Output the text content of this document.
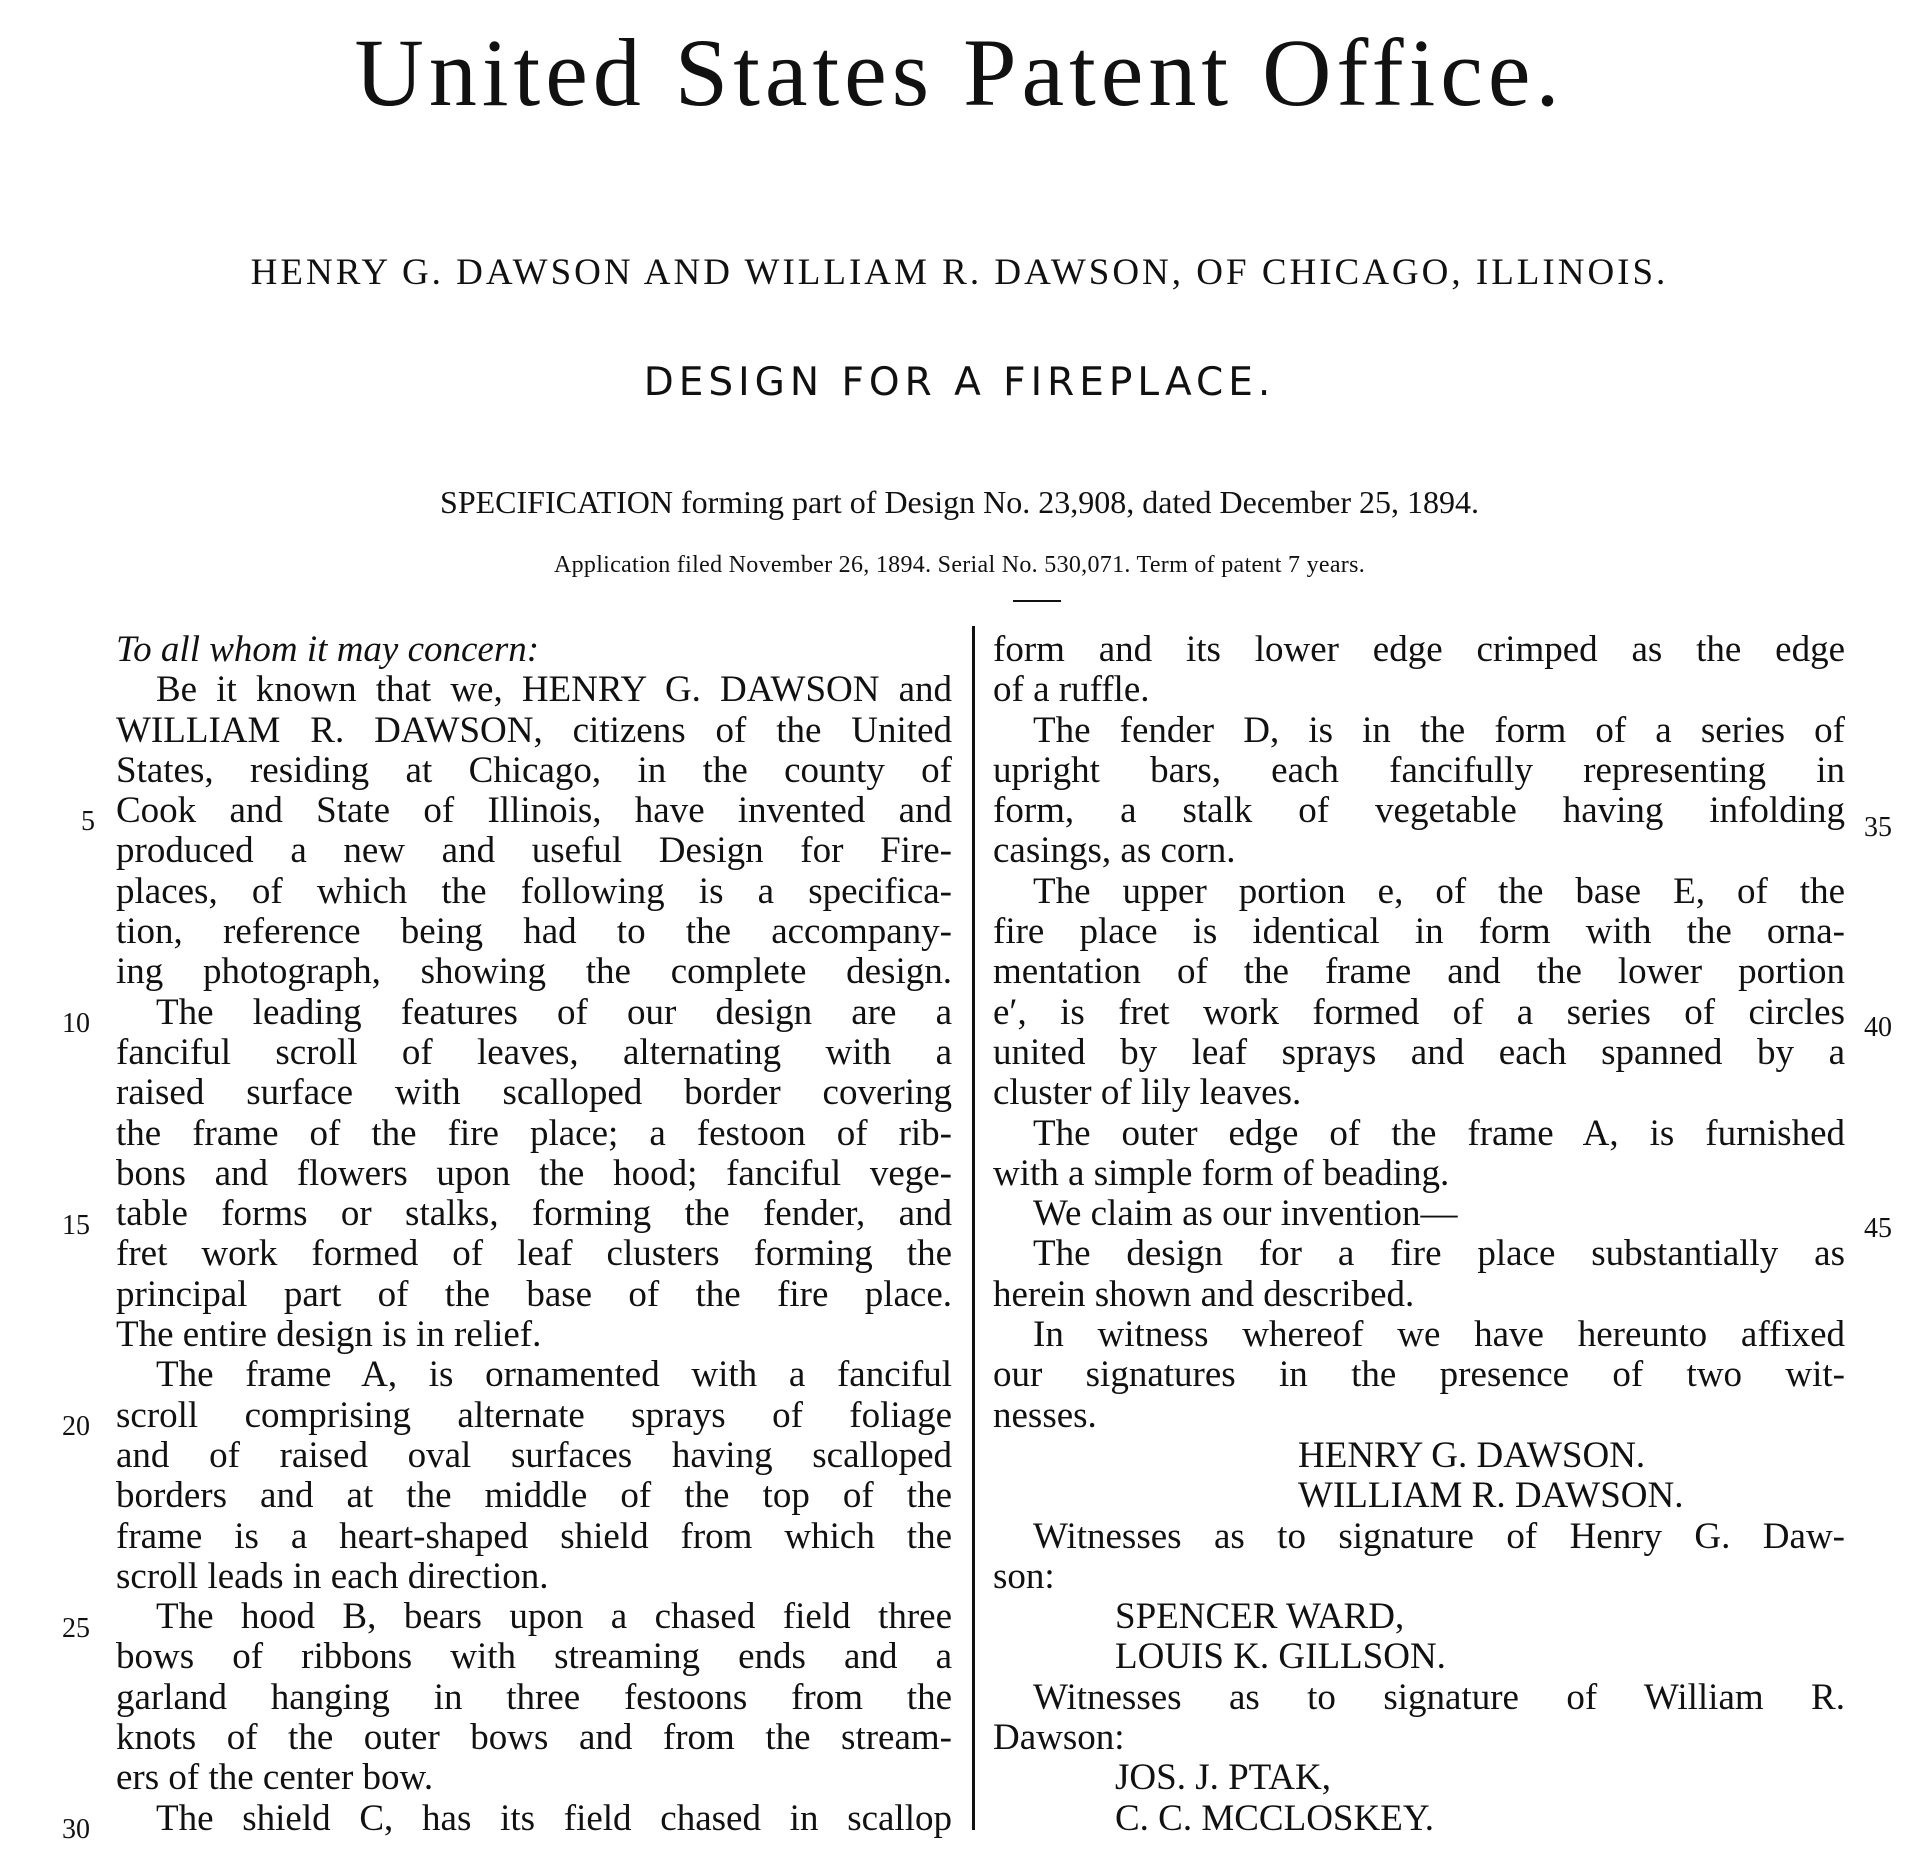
United States Patent Office.
HENRY G. DAWSON AND WILLIAM R. DAWSON, OF CHICAGO, ILLINOIS.
DESIGN FOR A FIREPLACE.
SPECIFICATION forming part of Design No. 23,908, dated December 25, 1894.
Application filed November 26, 1894. Serial No. 530,071. Term of patent 7 years.
To all whom it may concern:
Be it known that we, HENRY G. DAWSON and
WILLIAM R. DAWSON, citizens of the United
States, residing at Chicago, in the county of
Cook and State of Illinois, have invented and
produced a new and useful Design for Fire-
places, of which the following is a specifica-
tion, reference being had to the accompany-
ing photograph, showing the complete design.
The leading features of our design are a
fanciful scroll of leaves, alternating with a
raised surface with scalloped border covering
the frame of the fire place; a festoon of rib-
bons and flowers upon the hood; fanciful vege-
table forms or stalks, forming the fender, and
fret work formed of leaf clusters forming the
principal part of the base of the fire place.
The entire design is in relief.
The frame A, is ornamented with a fanciful
scroll comprising alternate sprays of foliage
and of raised oval surfaces having scalloped
borders and at the middle of the top of the
frame is a heart-shaped shield from which the
scroll leads in each direction.
The hood B, bears upon a chased field three
bows of ribbons with streaming ends and a
garland hanging in three festoons from the
knots of the outer bows and from the stream-
ers of the center bow.
The shield C, has its field chased in scallop
form and its lower edge crimped as the edge
of a ruffle.
The fender D, is in the form of a series of
upright bars, each fancifully representing in
form, a stalk of vegetable having infolding
casings, as corn.
The upper portion e, of the base E, of the
fire place is identical in form with the orna-
mentation of the frame and the lower portion
e′, is fret work formed of a series of circles
united by leaf sprays and each spanned by a
cluster of lily leaves.
The outer edge of the frame A, is furnished
with a simple form of beading.
We claim as our invention—
The design for a fire place substantially as
herein shown and described.
In witness whereof we have hereunto affixed
our signatures in the presence of two wit-
nesses.
HENRY G. DAWSON.
WILLIAM R. DAWSON.
Witnesses as to signature of Henry G. Daw-
son:
SPENCER WARD,
LOUIS K. GILLSON.
Witnesses as to signature of William R.
Dawson:
JOS. J. PTAK,
C. C. MCCLOSKEY.
5
10
15
20
25
30
35
40
45
